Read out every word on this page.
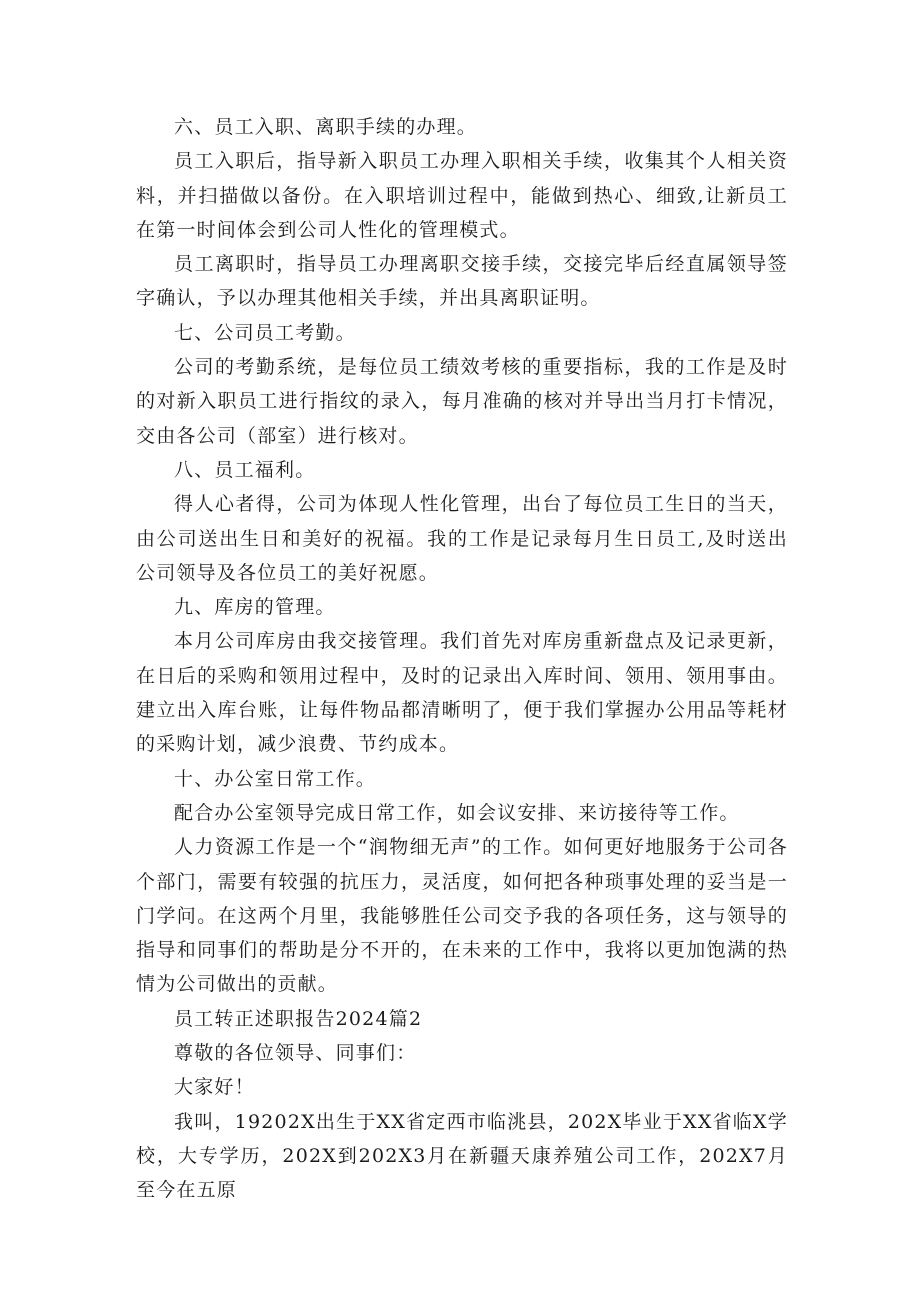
六、员工入职、离职手续的办理。

员工入职后，指导新入职员工办理入职相关手续，收集其个人相关资料，并扫描做以备份。在入职培训过程中，能做到热心、细致,让新员工在第一时间体会到公司人性化的管理模式。

员工离职时，指导员工办理离职交接手续，交接完毕后经直属领导签字确认，予以办理其他相关手续，并出具离职证明。

七、公司员工考勤。

公司的考勤系统，是每位员工绩效考核的重要指标，我的工作是及时的对新入职员工进行指纹的录入，每月准确的核对并导出当月打卡情况，交由各公司（部室）进行核对。

八、员工福利。

得人心者得，公司为体现人性化管理，出台了每位员工生日的当天，由公司送出生日和美好的祝福。我的工作是记录每月生日员工,及时送出公司领导及各位员工的美好祝愿。

九、库房的管理。

本月公司库房由我交接管理。我们首先对库房重新盘点及记录更新，在日后的采购和领用过程中，及时的记录出入库时间、领用、领用事由。建立出入库台账，让每件物品都清晰明了，便于我们掌握办公用品等耗材的采购计划，减少浪费、节约成本。

十、办公室日常工作。

配合办公室领导完成日常工作，如会议安排、来访接待等工作。

人力资源工作是一个“润物细无声”的工作。如何更好地服务于公司各个部门，需要有较强的抗压力，灵活度，如何把各种琐事处理的妥当是一门学问。在这两个月里，我能够胜任公司交予我的各项任务，这与领导的指导和同事们的帮助是分不开的，在未来的工作中，我将以更加饱满的热情为公司做出的贡献。

员工转正述职报告2024篇2

尊敬的各位领导、同事们：

大家好！

我叫，19202X出生于XX省定西市临洮县，202X毕业于XX省临X学校，大专学历，202X到202X3月在新疆天康养殖公司工作，202X7月至今在五原
